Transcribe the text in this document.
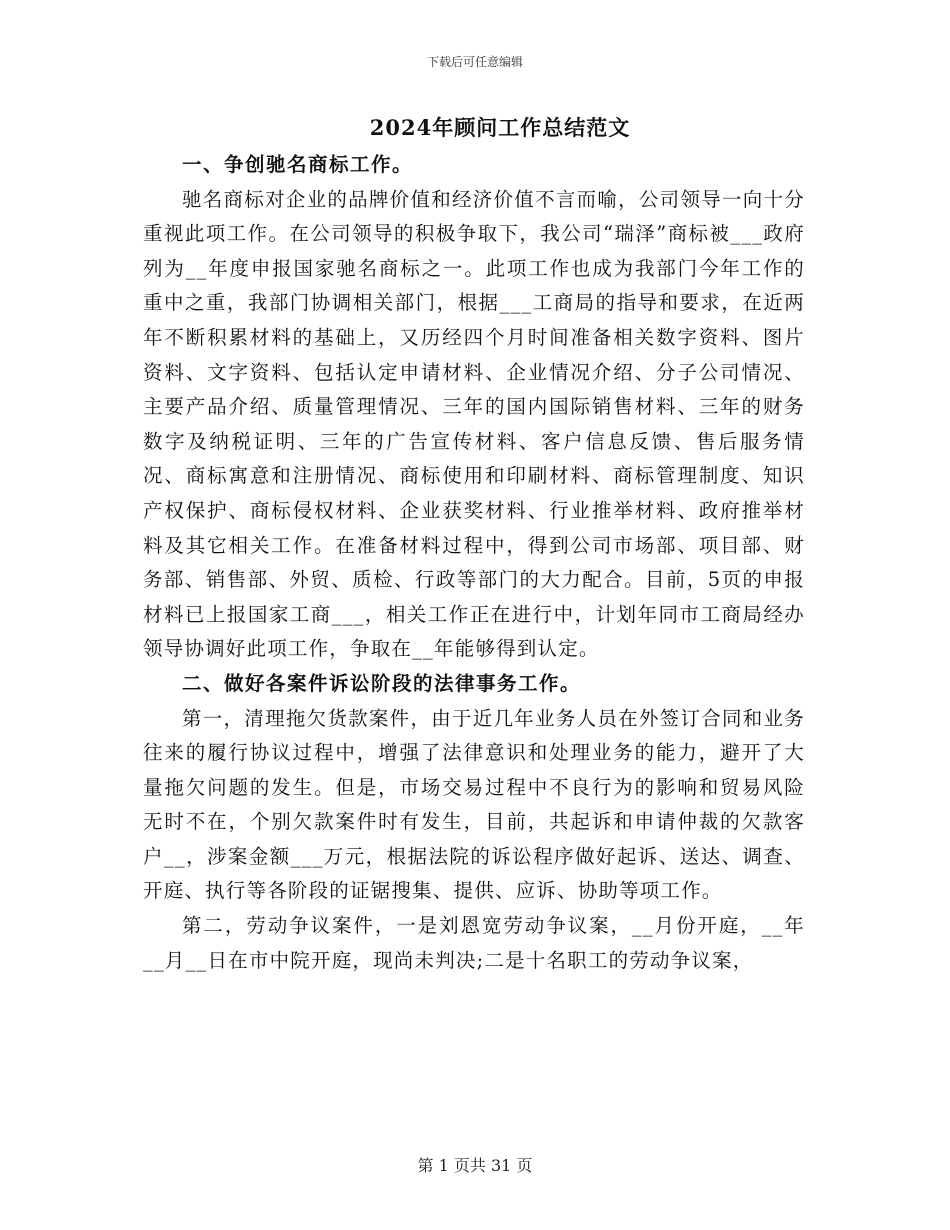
下载后可任意编辑
2024年顾问工作总结范文

一、争创驰名商标工作。

驰名商标对企业的品牌价值和经济价值不言而喻，公司领导一向十分重视此项工作。在公司领导的积极争取下，我公司“瑞泽”商标被___政府列为__年度申报国家驰名商标之一。此项工作也成为我部门今年工作的重中之重，我部门协调相关部门，根据___工商局的指导和要求，在近两年不断积累材料的基础上，又历经四个月时间准备相关数字资料、图片资料、文字资料、包括认定申请材料、企业情况介绍、分子公司情况、主要产品介绍、质量管理情况、三年的国内国际销售材料、三年的财务数字及纳税证明、三年的广告宣传材料、客户信息反馈、售后服务情况、商标寓意和注册情况、商标使用和印刷材料、商标管理制度、知识产权保护、商标侵权材料、企业获奖材料、行业推举材料、政府推举材料及其它相关工作。在准备材料过程中，得到公司市场部、项目部、财务部、销售部、外贸、质检、行政等部门的大力配合。目前，5页的申报材料已上报国家工商___，相关工作正在进行中，计划年同市工商局经办领导协调好此项工作，争取在__年能够得到认定。

二、做好各案件诉讼阶段的法律事务工作。

第一，清理拖欠货款案件，由于近几年业务人员在外签订合同和业务往来的履行协议过程中，增强了法律意识和处理业务的能力，避开了大量拖欠问题的发生。但是，市场交易过程中不良行为的影响和贸易风险无时不在，个别欠款案件时有发生，目前，共起诉和申请仲裁的欠款客户__，涉案金额___万元，根据法院的诉讼程序做好起诉、送达、调查、开庭、执行等各阶段的证锯搜集、提供、应诉、协助等项工作。

第二，劳动争议案件，一是刘恩宽劳动争议案，__月份开庭，__年__月__日在市中院开庭，现尚未判决;二是十名职工的劳动争议案，

第 1 页共 31 页
